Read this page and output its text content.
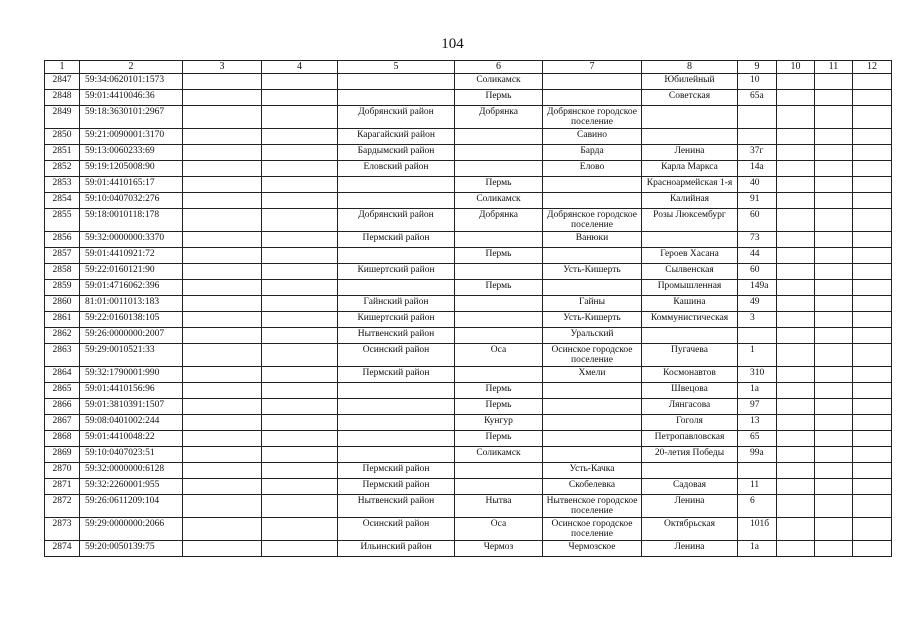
104
1	2	3	4	5	6	7	8	9	10	11	12
2847	59:34:0620101:1573				Соликамск		Юбилейный	10			
2848	59:01:4410046:36				Пермь		Советская	65а			
2849	59:18:3630101:2967			Добрянский район	Добрянка	Добрянское городское поселение					
2850	59:21:0090001:3170			Карагайский район		Савино					
2851	59:13:0060233:69			Бардымский район		Барда	Ленина	37г			
2852	59:19:1205008:90			Еловский район		Елово	Карла Маркса	14а			
2853	59:01:4410165:17				Пермь		Красноармейская 1-я	40			
2854	59:10:0407032:276				Соликамск		Калийная	91			
2855	59:18:0010118:178			Добрянский район	Добрянка	Добрянское городское поселение	Розы Люксембург	60			
2856	59:32:0000000:3370			Пермский район		Ванюки		73			
2857	59:01:4410921:72				Пермь		Героев Хасана	44			
2858	59:22:0160121:90			Кишертский район		Усть-Кишерть	Сылвенская	60			
2859	59:01:4716062:396				Пермь		Промышленная	149а			
2860	81:01:0011013:183			Гайнский район		Гайны	Кашина	49			
2861	59:22:0160138:105			Кишертский район		Усть-Кишерть	Коммунистическая	3			
2862	59:26:0000000:2007			Нытвенский район		Уральский					
2863	59:29:0010521:33			Осинский район	Оса	Осинское городское поселение	Пугачева	1			
2864	59:32:1790001:990			Пермский район		Хмели	Космонавтов	310			
2865	59:01:4410156:96				Пермь		Швецова	1а			
2866	59:01:3810391:1507				Пермь		Лянгасова	97			
2867	59:08:0401002:244				Кунгур		Гоголя	13			
2868	59:01:4410048:22				Пермь		Петропавловская	65			
2869	59:10:0407023:51				Соликамск		20-летия Победы	99а			
2870	59:32:0000000:6128			Пермский район		Усть-Качка					
2871	59:32:2260001:955			Пермский район		Скобелевка	Садовая	11			
2872	59:26:0611209:104			Нытвенский район	Нытва	Нытвенское городское поселение	Ленина	6			
2873	59:29:0000000:2066			Осинский район	Оса	Осинское городское поселение	Октябрьская	101б			
2874	59:20:0050139:75			Ильинский район	Чермоз	Чермозское	Ленина	1а			
